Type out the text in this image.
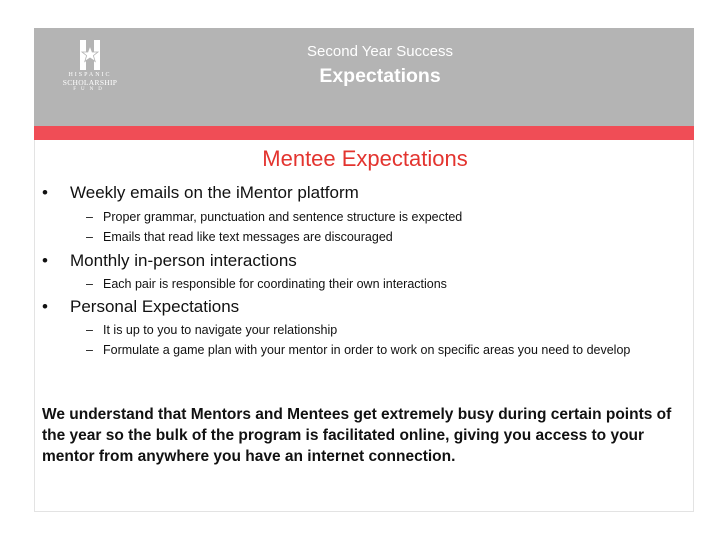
HISPANIC
SCHOLARSHIP
FUND
Second Year Success
Expectations
Mentee Expectations
• Weekly emails on the iMentor platform
– Proper grammar, punctuation and sentence structure is expected
– Emails that read like text messages are discouraged
• Monthly in-person interactions
– Each pair is responsible for coordinating their own interactions
• Personal Expectations
– It is up to you to navigate your relationship
– Formulate a game plan with your mentor in order to work on specific areas you need to develop
We understand that Mentors and Mentees get extremely busy during certain points of the year so the bulk of the program is facilitated online, giving you access to your mentor from anywhere you have an internet connection.
